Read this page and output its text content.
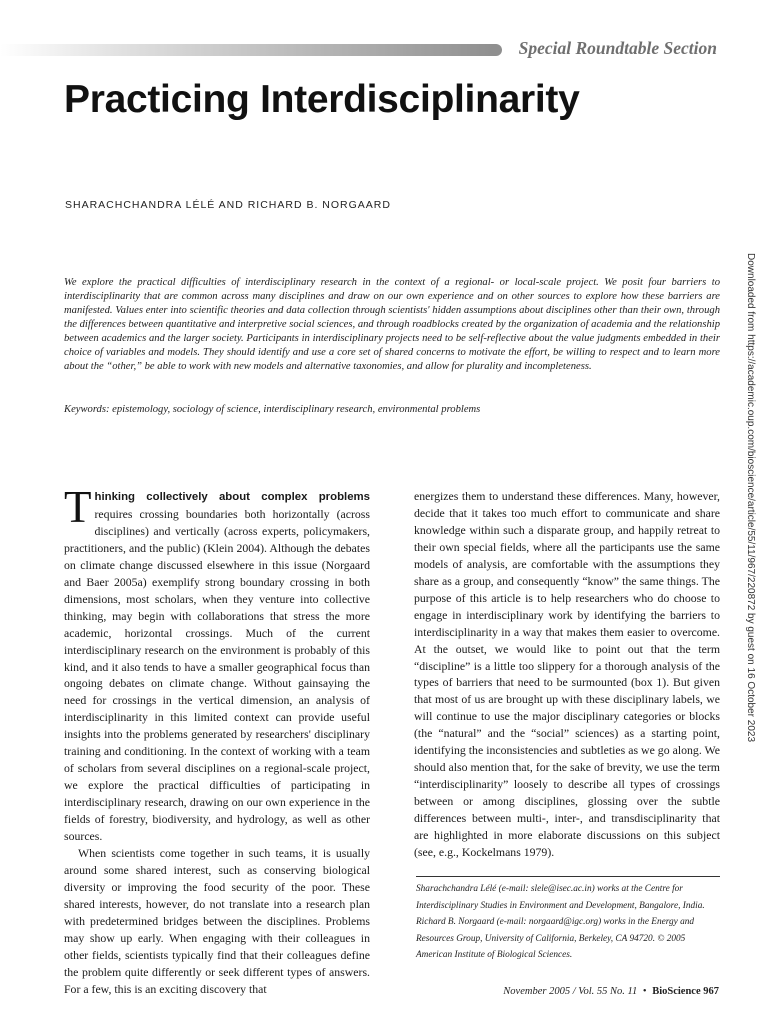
Special Roundtable Section
Practicing Interdisciplinarity
SHARACHCHANDRA LÉLÉ AND RICHARD B. NORGAARD

We explore the practical difficulties of interdisciplinary research in the context of a regional- or local-scale project. We posit four barriers to interdisciplinarity that are common across many disciplines and draw on our own experience and on other sources to explore how these barriers are manifested. Values enter into scientific theories and data collection through scientists' hidden assumptions about disciplines other than their own, through the differences between quantitative and interpretive social sciences, and through roadblocks created by the organization of academia and the relationship between academics and the larger society. Participants in interdisciplinary projects need to be self-reflective about the value judgments embedded in their choice of variables and models. They should identify and use a core set of shared concerns to motivate the effort, be willing to respect and to learn more about the “other,” be able to work with new models and alternative taxonomies, and allow for plurality and incompleteness.

Keywords: epistemology, sociology of science, interdisciplinary research, environmental problems

Thinking collectively about complex problems requires crossing boundaries both horizontally (across disciplines) and vertically (across experts, policymakers, practitioners, and the public) (Klein 2004). Although the debates on climate change discussed elsewhere in this issue (Norgaard and Baer 2005a) exemplify strong boundary crossing in both dimensions, most scholars, when they venture into collective thinking, may begin with collaborations that stress the more academic, horizontal crossings. Much of the current interdisciplinary research on the environment is probably of this kind, and it also tends to have a smaller geographical focus than ongoing debates on climate change. Without gainsaying the need for crossings in the vertical dimension, an analysis of interdisciplinarity in this limited context can provide useful insights into the problems generated by researchers' disciplinary training and conditioning. In the context of working with a team of scholars from several disciplines on a regional-scale project, we explore the practical difficulties of participating in interdisciplinary research, drawing on our own experience in the fields of forestry, biodiversity, and hydrology, as well as other sources.

When scientists come together in such teams, it is usually around some shared interest, such as conserving biological diversity or improving the food security of the poor. These shared interests, however, do not translate into a research plan with predetermined bridges between the disciplines. Problems may show up early. When engaging with their colleagues in other fields, scientists typically find that their colleagues define the problem quite differently or seek different types of answers. For a few, this is an exciting discovery that

energizes them to understand these differences. Many, however, decide that it takes too much effort to communicate and share knowledge within such a disparate group, and happily retreat to their own special fields, where all the participants use the same models of analysis, are comfortable with the assumptions they share as a group, and consequently “know” the same things. The purpose of this article is to help researchers who do choose to engage in interdisciplinary work by identifying the barriers to interdisciplinarity in a way that makes them easier to overcome. At the outset, we would like to point out that the term “discipline” is a little too slippery for a thorough analysis of the types of barriers that need to be surmounted (box 1). But given that most of us are brought up with these disciplinary labels, we will continue to use the major disciplinary categories or blocks (the “natural” and the “social” sciences) as a starting point, identifying the inconsistencies and subtleties as we go along. We should also mention that, for the sake of brevity, we use the term “interdisciplinarity” loosely to describe all types of crossings between or among disciplines, glossing over the subtle differences between multi-, inter-, and transdisciplinarity that are highlighted in more elaborate discussions on this subject (see, e.g., Kockelmans 1979).

Sharachchandra Lélé (e-mail: slele@isec.ac.in) works at the Centre for Interdisciplinary Studies in Environment and Development, Bangalore, India. Richard B. Norgaard (e-mail: norgaard@igc.org) works in the Energy and Resources Group, University of California, Berkeley, CA 94720. © 2005 American Institute of Biological Sciences.

Downloaded from https://academic.oup.com/bioscience/article/55/11/967/220872 by guest on 16 October 2023
November 2005 / Vol. 55 No. 11 • BioScience 967
